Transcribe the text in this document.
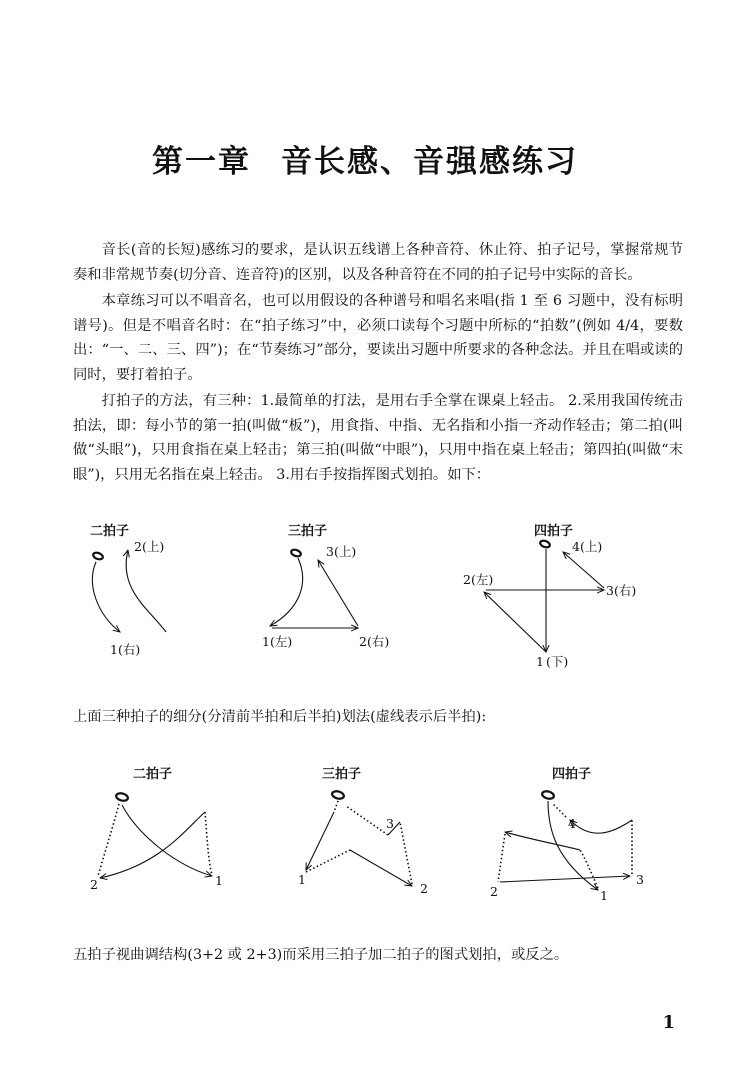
第一章 音长感、音强感练习

音长(音的长短)感练习的要求，是认识五线谱上各种音符、休止符、拍子记号，掌握常规节奏和非常规节奏(切分音、连音符)的区别，以及各种音符在不同的拍子记号中实际的音长。

本章练习可以不唱音名，也可以用假设的各种谱号和唱名来唱(指 1 至 6 习题中，没有标明谱号)。但是不唱音名时：在“拍子练习”中，必须口读每个习题中所标的“拍数”(例如 4/4，要数出：“一、二、三、四”)；在“节奏练习”部分，要读出习题中所要求的各种念法。并且在唱或读的同时，要打着拍子。

打拍子的方法，有三种：1.最简单的打法，是用右手全掌在课桌上轻击。 2.采用我国传统击拍法，即：每小节的第一拍(叫做“板”)，用食指、中指、无名指和小指一齐动作轻击；第二拍(叫做“头眼”)，只用食指在桌上轻击；第三拍(叫做“中眼”)，只用中指在桌上轻击；第四拍(叫做“末眼”)，只用无名指在桌上轻击。 3.用右手按指挥图式划拍。如下：

二拍子
1(右)
2(上)
三拍子
1(左)	2(右)
3(上)
四拍子
1 (下)
2(左)
3(右)
4(上)

上面三种拍子的细分(分清前半拍和后半拍)划法(虚线表示后半拍):

二拍子
2	1
三拍子
1
2
3
四拍子
2	1
3
4

五拍子视曲调结构(3+2 或 2+3)而采用三拍子加二拍子的图式划拍，或反之。

1
